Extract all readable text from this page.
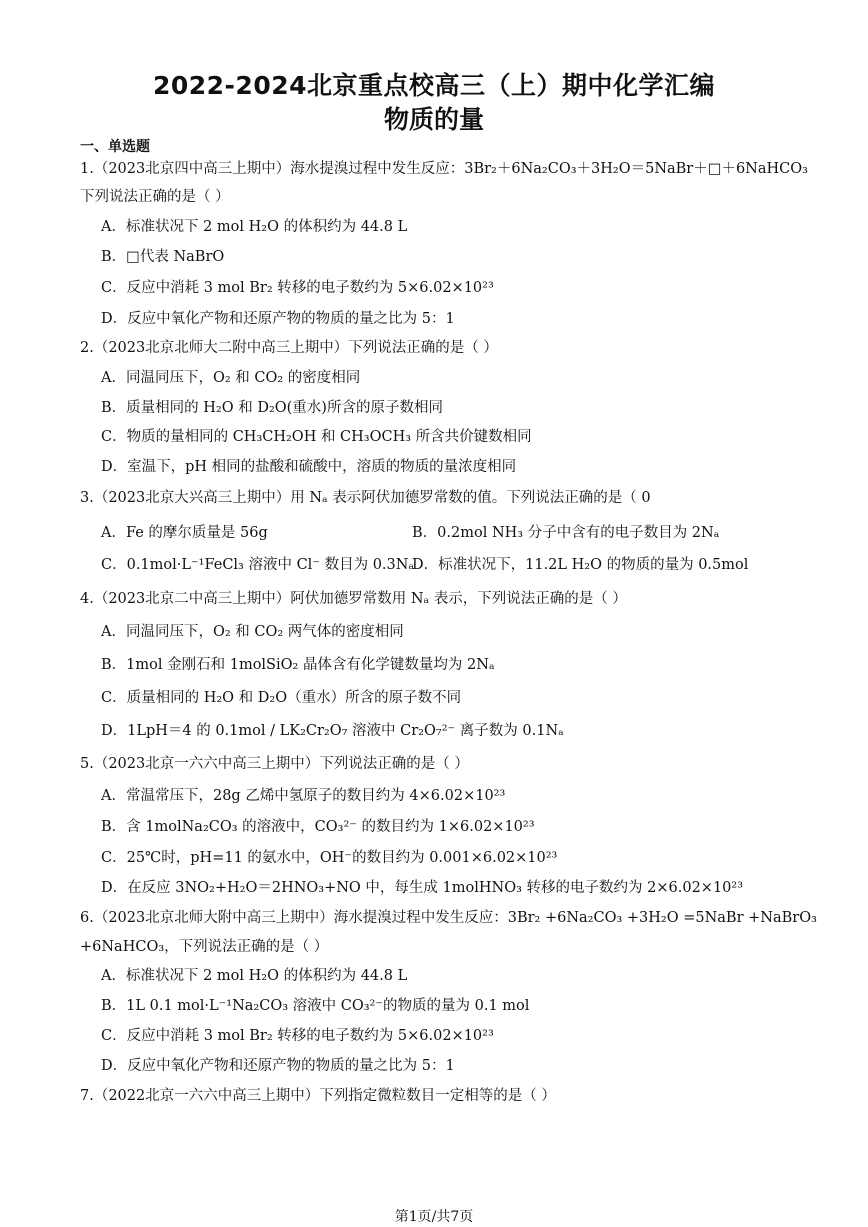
2022-2024北京重点校高三（上）期中化学汇编
物质的量
一、单选题
1.（2023北京四中高三上期中）海水提溴过程中发生反应：3Br₂＋6Na₂CO₃＋3H₂O＝5NaBr＋□＋6NaHCO₃
下列说法正确的是（ ）
A．标准状况下 2 mol H₂O 的体积约为 44.8 L
B．□代表 NaBrO
C．反应中消耗 3 mol Br₂ 转移的电子数约为 5×6.02×10²³
D．反应中氧化产物和还原产物的物质的量之比为 5：1
2.（2023北京北师大二附中高三上期中）下列说法正确的是（ ）
A．同温同压下，O₂ 和 CO₂ 的密度相同
B．质量相同的 H₂O 和 D₂O(重水)所含的原子数相同
C．物质的量相同的 CH₃CH₂OH 和 CH₃OCH₃ 所含共价键数相同
D．室温下，pH 相同的盐酸和硫酸中，溶质的物质的量浓度相同
3.（2023北京大兴高三上期中）用 Nₐ 表示阿伏加德罗常数的值。下列说法正确的是（ 0
A．Fe 的摩尔质量是 56g	B．0.2mol NH₃ 分子中含有的电子数目为 2Nₐ
C．0.1mol·L⁻¹FeCl₃ 溶液中 Cl⁻ 数目为 0.3Nₐ
D．标准状况下，11.2L H₂O 的物质的量为 0.5mol
4.（2023北京二中高三上期中）阿伏加德罗常数用 Nₐ 表示，下列说法正确的是（ ）
A．同温同压下，O₂ 和 CO₂ 两气体的密度相同
B．1mol 金刚石和 1molSiO₂ 晶体含有化学键数量均为 2Nₐ
C．质量相同的 H₂O 和 D₂O（重水）所含的原子数不同
D．1LpH＝4 的 0.1mol / LK₂Cr₂O₇ 溶液中 Cr₂O₇²⁻ 离子数为 0.1Nₐ
5.（2023北京一六六中高三上期中）下列说法正确的是（ ）
A．常温常压下，28g 乙烯中氢原子的数目约为 4×6.02×10²³
B．含 1molNa₂CO₃ 的溶液中，CO₃²⁻ 的数目约为 1×6.02×10²³
C．25℃时，pH=11 的氨水中，OH⁻的数目约为 0.001×6.02×10²³
D．在反应 3NO₂+H₂O＝2HNO₃+NO 中，每生成 1molHNO₃ 转移的电子数约为 2×6.02×10²³
6.（2023北京北师大附中高三上期中）海水提溴过程中发生反应：3Br₂ +6Na₂CO₃ +3H₂O =5NaBr +NaBrO₃
+6NaHCO₃，下列说法正确的是（ ）
A．标准状况下 2 mol H₂O 的体积约为 44.8 L
B．1L 0.1 mol·L⁻¹Na₂CO₃ 溶液中 CO₃²⁻的物质的量为 0.1 mol
C．反应中消耗 3 mol Br₂ 转移的电子数约为 5×6.02×10²³
D．反应中氧化产物和还原产物的物质的量之比为 5：1
7.（2022北京一六六中高三上期中）下列指定微粒数目一定相等的是（ ）
第1页/共7页
